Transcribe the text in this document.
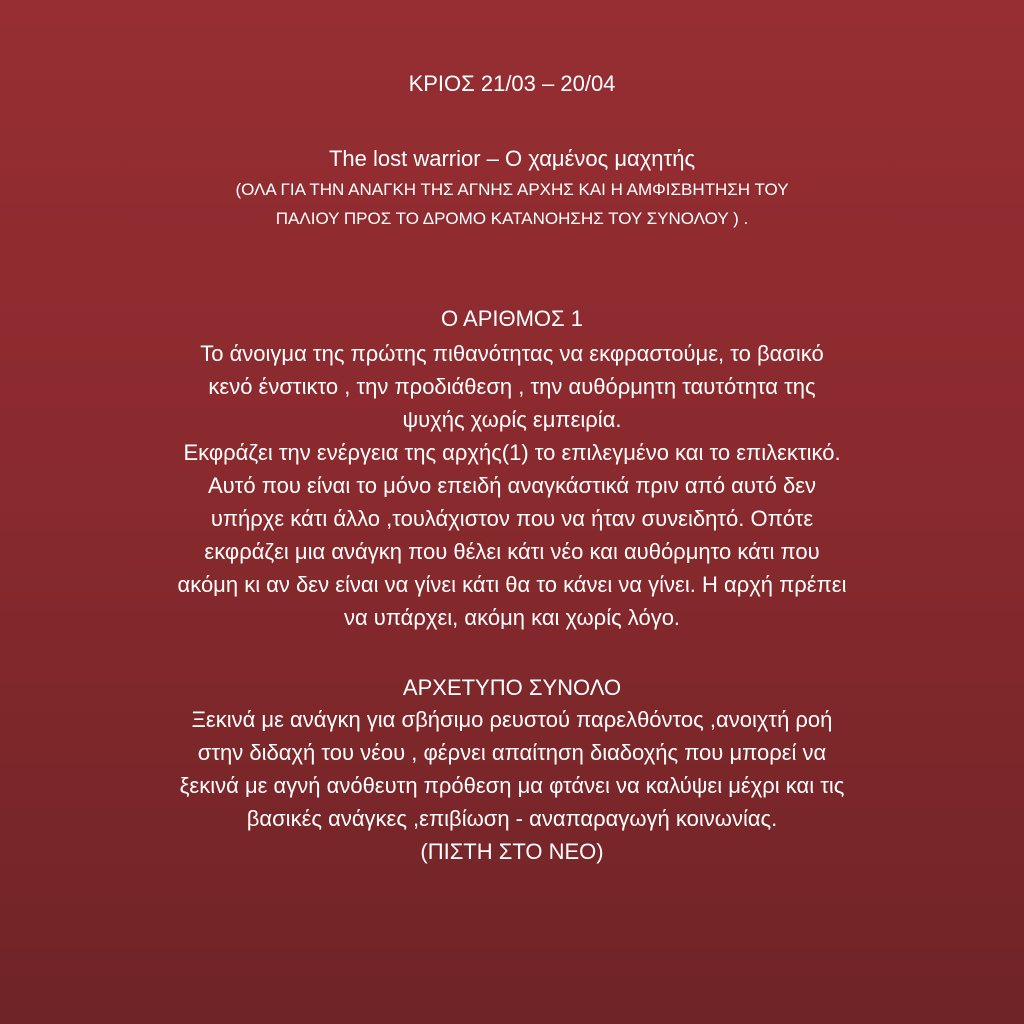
ΚΡΙΟΣ 21/03 – 20/04
The lost warrior – Ο χαμένος μαχητής
(ΟΛΑ ΓΙΑ ΤΗΝ ΑΝΑΓΚΗ ΤΗΣ ΑΓΝΗΣ ΑΡΧΗΣ ΚΑΙ Η ΑΜΦΙΣΒΗΤΗΣΗ ΤΟΥ
ΠΑΛΙΟΥ ΠΡΟΣ ΤΟ ΔΡΟΜΟ ΚΑΤΑΝΟΗΣΗΣ ΤΟΥ ΣΥΝΟΛΟΥ ) .
Ο ΑΡΙΘΜΟΣ 1
Το άνοιγμα της πρώτης πιθανότητας να εκφραστούμε, το βασικό
κενό ένστικτο , την προδιάθεση , την αυθόρμητη ταυτότητα της
ψυχής χωρίς εμπειρία.
Εκφράζει την ενέργεια της αρχής(1) το επιλεγμένο και το επιλεκτικό.
Αυτό που είναι το μόνο επειδή αναγκάστικά πριν από αυτό δεν
υπήρχε κάτι άλλο ,τουλάχιστον που να ήταν συνειδητό. Οπότε
εκφράζει μια ανάγκη που θέλει κάτι νέο και αυθόρμητο κάτι που
ακόμη κι αν δεν είναι να γίνει κάτι θα το κάνει να γίνει. Η αρχή πρέπει
να υπάρχει, ακόμη και χωρίς λόγο.
ΑΡΧΕΤΥΠΟ ΣΥΝΟΛΟ
Ξεκινά με ανάγκη για σβήσιμο ρευστού παρελθόντος ,ανοιχτή ροή
στην διδαχή του νέου , φέρνει απαίτηση διαδοχής που μπορεί να
ξεκινά με αγνή ανόθευτη πρόθεση μα φτάνει να καλύψει μέχρι και τις
βασικές ανάγκες ,επιβίωση - αναπαραγωγή κοινωνίας.
(ΠΙΣΤΗ ΣΤΟ ΝΕΟ)
